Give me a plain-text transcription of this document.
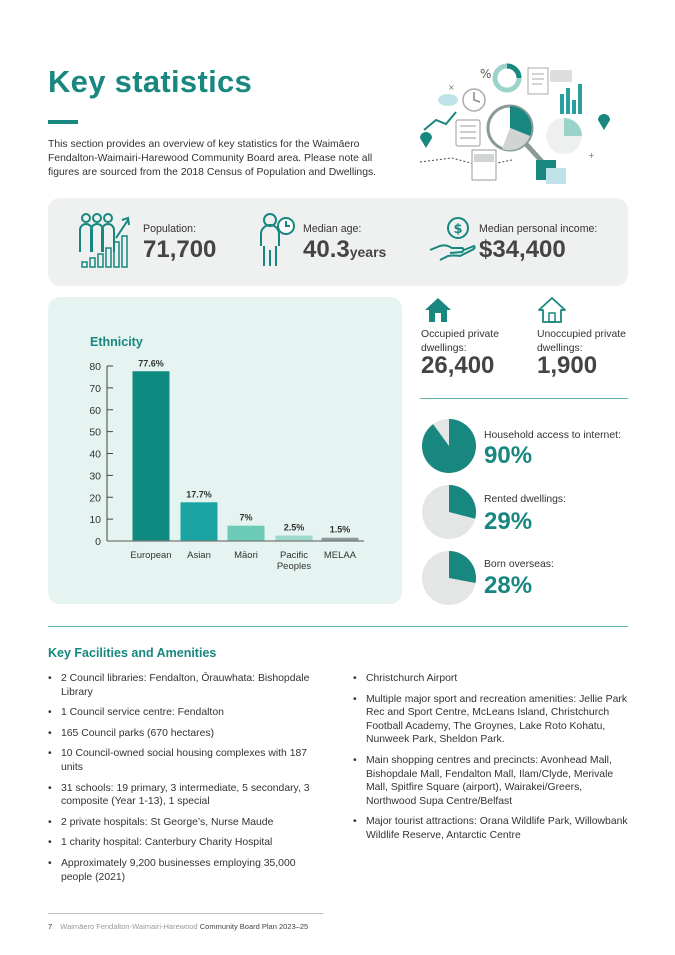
Key statistics

This section provides an overview of key statistics for the Waimāero Fendalton-Waimairi-Harewood Community Board area. Please note all figures are sourced from the 2018 Census of Population and Dwellings.

%
×
+
Population:
71,700
Median age:
40.3years
$ Median personal income:
$34,400
Ethnicity
0
10
20
30
40
50
60
70
80	77.6%
European
17.7%
Asian
7%
Māori
2.5%
Pacific
Peoples
1.5%
MELAA
Occupied private dwellings:
26,400
Unoccupied private dwellings:
1,900
Household access to internet:
90%
Rented dwellings:
29%
Born overseas:
28%
Key Facilities and Amenities
• 2 Council libraries: Fendalton, Ōrauwhata: Bishopdale Library
• 1 Council service centre: Fendalton
• 165 Council parks (670 hectares)
• 10 Council-owned social housing complexes with 187 units
• 31 schools: 19 primary, 3 intermediate, 5 secondary, 3 composite (Year 1-13), 1 special
• 2 private hospitals: St George’s, Nurse Maude
• 1 charity hospital: Canterbury Charity Hospital
• Approximately 9,200 businesses employing 35,000 people (2021)
• Christchurch Airport
• Multiple major sport and recreation amenities: Jellie Park Rec and Sport Centre, McLeans Island, Christchurch Football Academy, The Groynes, Lake Roto Kohatu, Nunweek Park, Sheldon Park.
• Main shopping centres and precincts: Avonhead Mall, Bishopdale Mall, Fendalton Mall, Ilam/Clyde, Merivale Mall, Spitfire Square (airport), Wairakei/Greers, Northwood Supa Centre/Belfast
• Major tourist attractions: Orana Wildlife Park, Willowbank Wildlife Reserve, Antarctic Centre
7 Waimāero Fendalton-Waimairi-Harewood Community Board Plan 2023–25
